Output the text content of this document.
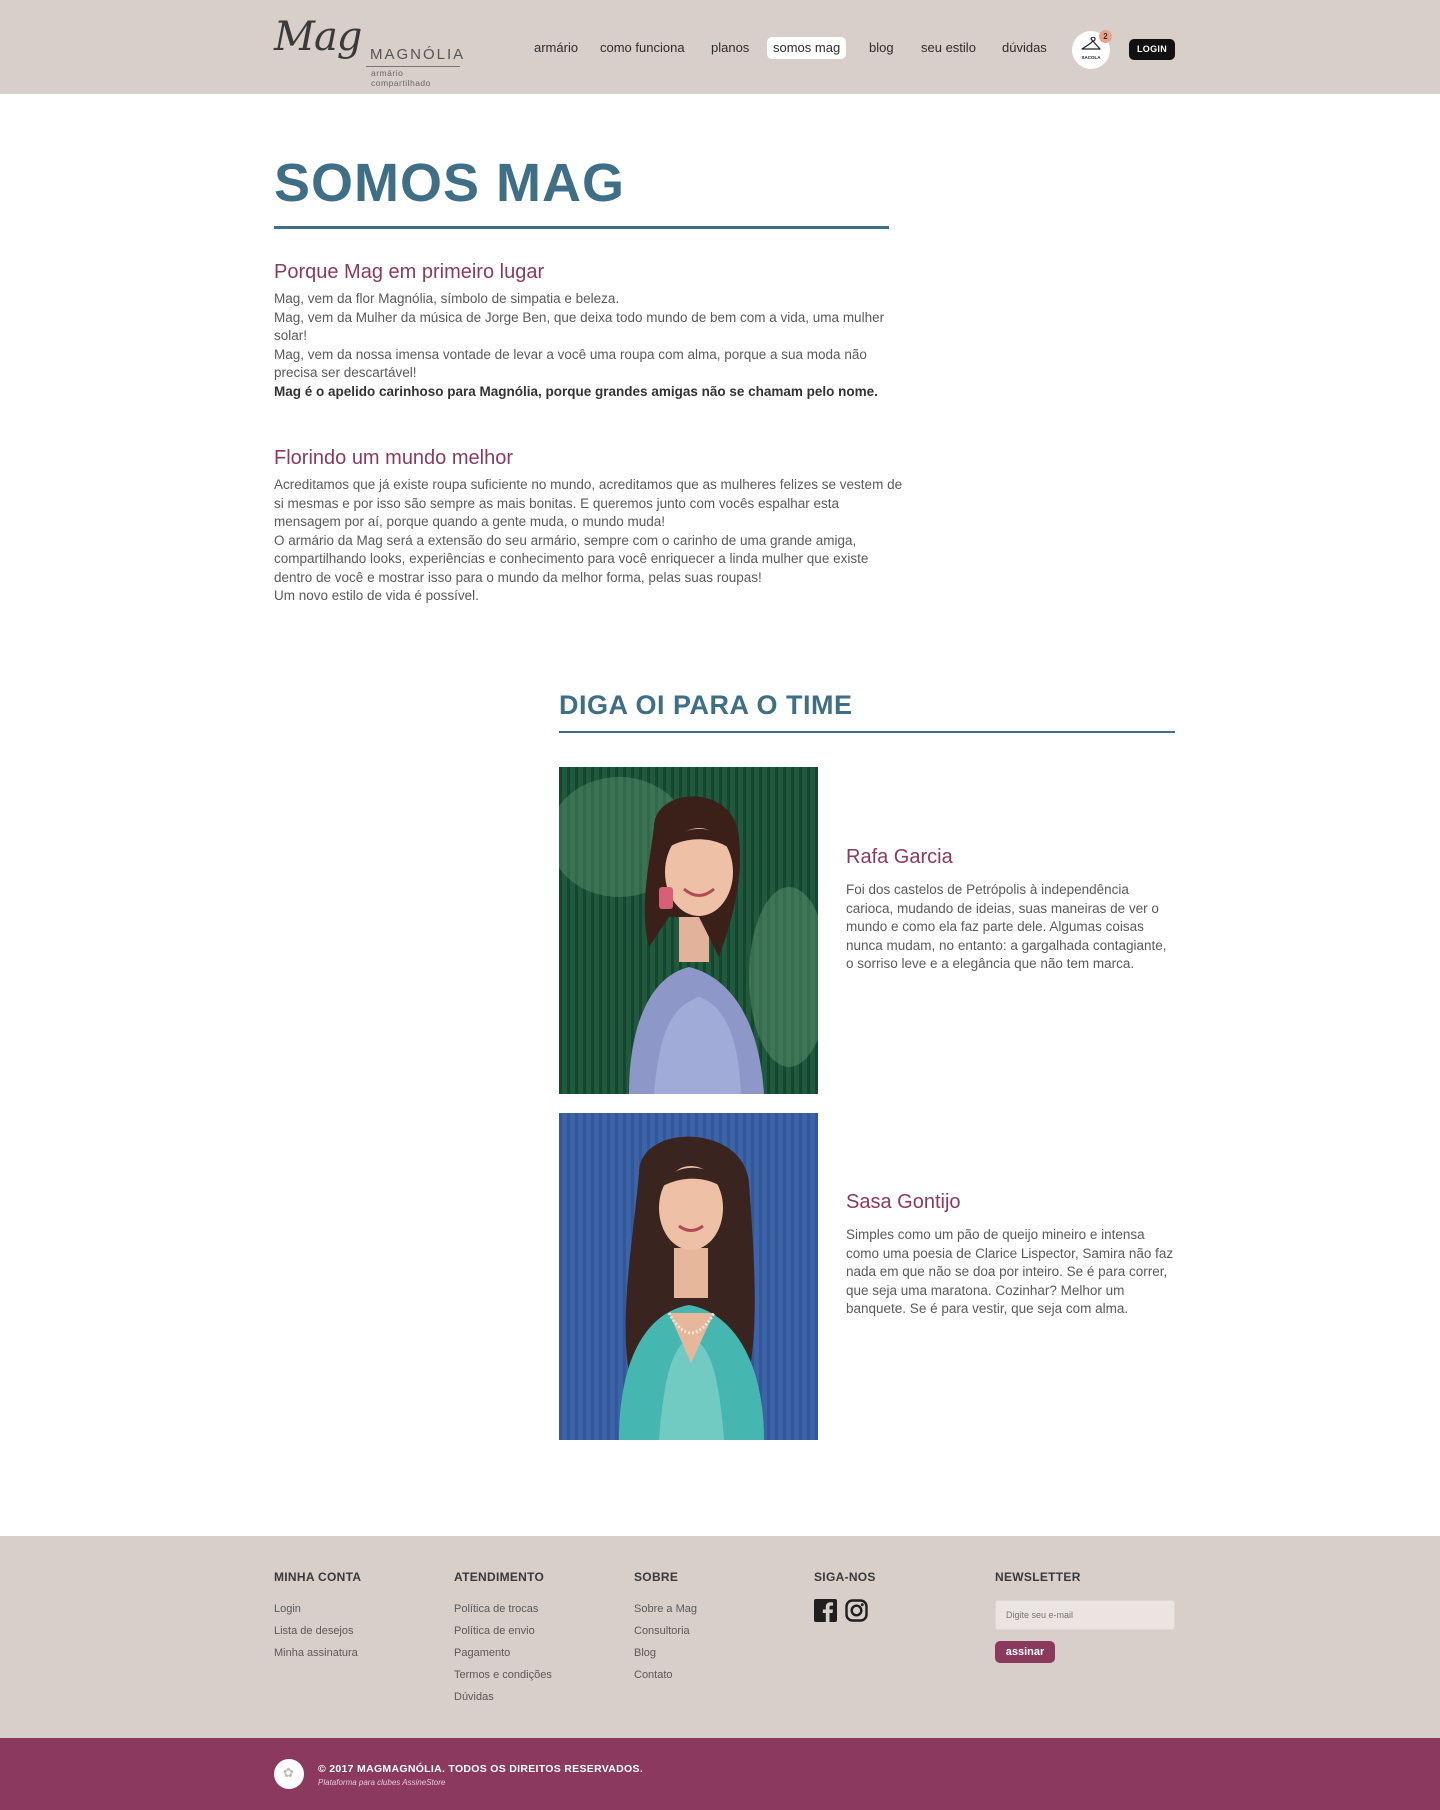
Mag MAGNÓLIA
armário compartilhado
armário como funciona planos	somos mag	blog seu estilo dúvidas
SACOLA
2
LOGIN
SOMOS MAG
Porque Mag em primeiro lugar

Mag, vem da flor Magnólia, símbolo de simpatia e beleza.

Mag, vem da Mulher da música de Jorge Ben, que deixa todo mundo de bem com a vida, uma mulher solar!

Mag, vem da nossa imensa vontade de levar a você uma roupa com alma, porque a sua moda não precisa ser descartável!

Mag é o apelido carinhoso para Magnólia, porque grandes amigas não se chamam pelo nome.

Florindo um mundo melhor

Acreditamos que já existe roupa suficiente no mundo, acreditamos que as mulheres felizes se vestem de si mesmas e por isso são sempre as mais bonitas. E queremos junto com vocês espalhar esta mensagem por aí, porque quando a gente muda, o mundo muda!

O armário da Mag será a extensão do seu armário, sempre com o carinho de uma grande amiga, compartilhando looks, experiências e conhecimento para você enriquecer a linda mulher que existe dentro de você e mostrar isso para o mundo da melhor forma, pelas suas roupas!

Um novo estilo de vida é possível.

DIGA OI PARA O TIME
Rafa Garcia

Foi dos castelos de Petrópolis à independência carioca, mudando de ideias, suas maneiras de ver o mundo e como ela faz parte dele. Algumas coisas nunca mudam, no entanto: a gargalhada contagiante, o sorriso leve e a elegância que não tem marca.

Sasa Gontijo

Simples como um pão de queijo mineiro e intensa como uma poesia de Clarice Lispector, Samira não faz nada em que não se doa por inteiro. Se é para correr, que seja uma maratona. Cozinhar? Melhor um banquete. Se é para vestir, que seja com alma.

MINHA CONTA
Login
Lista de desejos
Minha assinatura
ATENDIMENTO
Política de trocas
Política de envio
Pagamento
Termos e condições
Dúvidas
SOBRE
Sobre a Mag
Consultoria
Blog
Contato
SIGA-NOS	NEWSLETTER
Digite seu e-mail
assinar
✿ © 2017 MAGMAGNÓLIA. TODOS OS DIREITOS RESERVADOS.
Plataforma para clubes AssineStore
